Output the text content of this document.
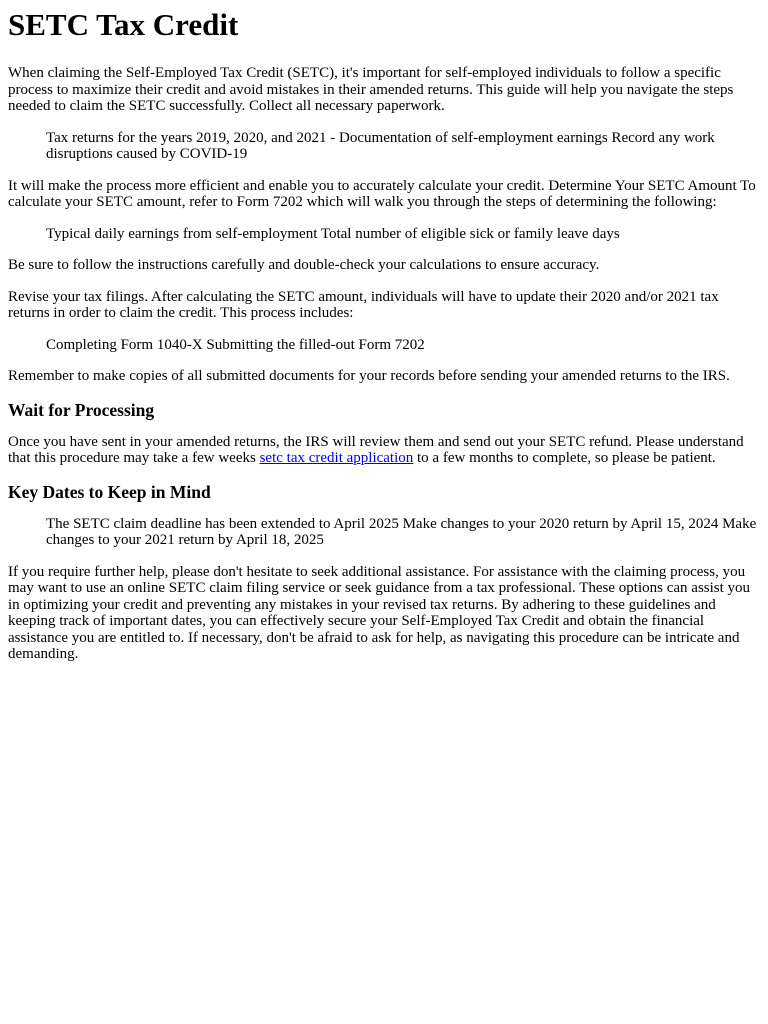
SETC Tax Credit

When claiming the Self-Employed Tax Credit (SETC), it's important for self-employed individuals to follow a specific process to maximize their credit and avoid mistakes in their amended returns. This guide will help you navigate the steps needed to claim the SETC successfully. Collect all necessary paperwork.

Tax returns for the years 2019, 2020, and 2021 - Documentation of self-employment earnings Record any work disruptions caused by COVID-19

It will make the process more efficient and enable you to accurately calculate your credit. Determine Your SETC Amount To calculate your SETC amount, refer to Form 7202 which will walk you through the steps of determining the following:

Typical daily earnings from self-employment Total number of eligible sick or family leave days

Be sure to follow the instructions carefully and double-check your calculations to ensure accuracy.

Revise your tax filings. After calculating the SETC amount, individuals will have to update their 2020 and/or 2021 tax returns in order to claim the credit. This process includes:

Completing Form 1040-X Submitting the filled-out Form 7202

Remember to make copies of all submitted documents for your records before sending your amended returns to the IRS.

Wait for Processing

Once you have sent in your amended returns, the IRS will review them and send out your SETC refund. Please understand that this procedure may take a few weeks setc tax credit application to a few months to complete, so please be patient.

Key Dates to Keep in Mind
The SETC claim deadline has been extended to April 2025 Make changes to your 2020 return by April 15, 2024 Make changes to your 2021 return by April 18, 2025

If you require further help, please don't hesitate to seek additional assistance. For assistance with the claiming process, you may want to use an online SETC claim filing service or seek guidance from a tax professional. These options can assist you in optimizing your credit and preventing any mistakes in your revised tax returns. By adhering to these guidelines and keeping track of important dates, you can effectively secure your Self-Employed Tax Credit and obtain the financial assistance you are entitled to. If necessary, don't be afraid to ask for help, as navigating this procedure can be intricate and demanding.
